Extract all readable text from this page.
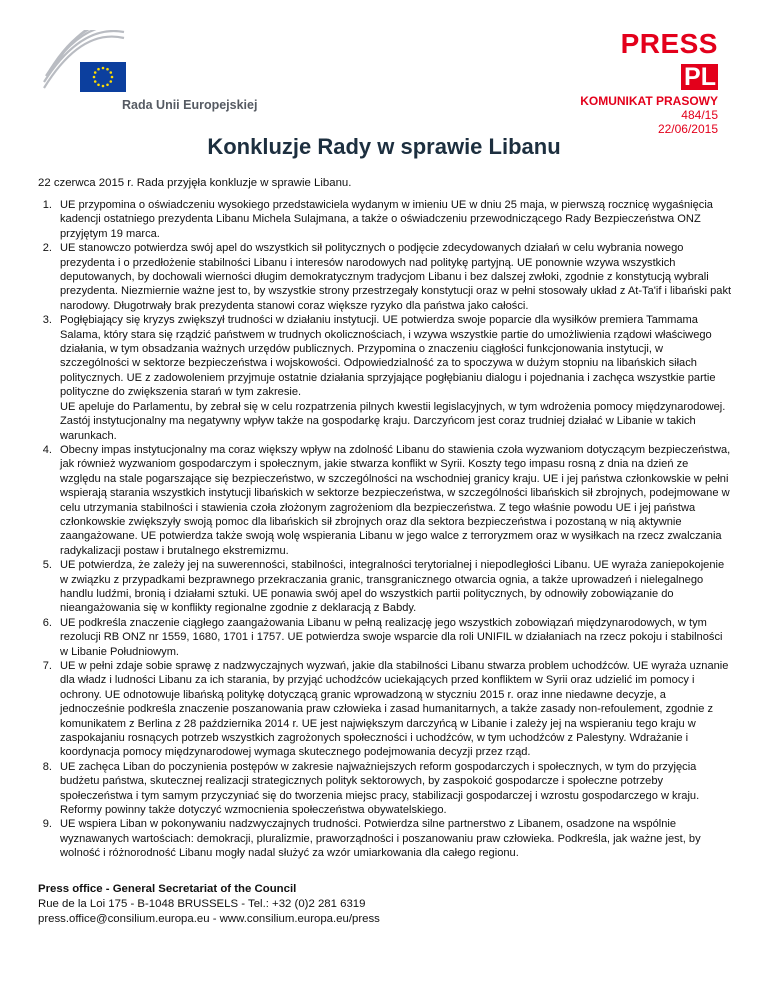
Rada Unii Europejskiej
PRESS
PL
KOMUNIKAT PRASOWY
484/15
22/06/2015
Konkluzje Rady w sprawie Libanu

22 czerwca 2015 r. Rada przyjęła konkluzje w sprawie Libanu.

1. UE przypomina o oświadczeniu wysokiego przedstawiciela wydanym w imieniu UE w dniu 25 maja, w pierwszą rocznicę wygaśnięcia kadencji ostatniego prezydenta Libanu Michela Sulajmana, a także o oświadczeniu przewodniczącego Rady Bezpieczeństwa ONZ przyjętym 19 marca.
2. UE stanowczo potwierdza swój apel do wszystkich sił politycznych o podjęcie zdecydowanych działań w celu wybrania nowego prezydenta i o przedłożenie stabilności Libanu i interesów narodowych nad politykę partyjną. UE ponownie wzywa wszystkich deputowanych, by dochowali wierności długim demokratycznym tradycjom Libanu i bez dalszej zwłoki, zgodnie z konstytucją wybrali prezydenta. Niezmiernie ważne jest to, by wszystkie strony przestrzegały konstytucji oraz w pełni stosowały układ z At-Ta'if i libański pakt narodowy. Długotrwały brak prezydenta stanowi coraz większe ryzyko dla państwa jako całości.
3. Pogłębiający się kryzys zwiększył trudności w działaniu instytucji. UE potwierdza swoje poparcie dla wysiłków premiera Tammama Salama, który stara się rządzić państwem w trudnych okolicznościach, i wzywa wszystkie partie do umożliwienia rządowi właściwego działania, w tym obsadzania ważnych urzędów publicznych. Przypomina o znaczeniu ciągłości funkcjonowania instytucji, w szczególności w sektorze bezpieczeństwa i wojskowości. Odpowiedzialność za to spoczywa w dużym stopniu na libańskich siłach politycznych. UE z zadowoleniem przyjmuje ostatnie działania sprzyjające pogłębianiu dialogu i pojednania i zachęca wszystkie partie polityczne do zwiększenia starań w tym zakresie.
UE apeluje do Parlamentu, by zebrał się w celu rozpatrzenia pilnych kwestii legislacyjnych, w tym wdrożenia pomocy międzynarodowej. Zastój instytucjonalny ma negatywny wpływ także na gospodarkę kraju. Darczyńcom jest coraz trudniej działać w Libanie w takich warunkach.
4. Obecny impas instytucjonalny ma coraz większy wpływ na zdolność Libanu do stawienia czoła wyzwaniom dotyczącym bezpieczeństwa, jak również wyzwaniom gospodarczym i społecznym, jakie stwarza konflikt w Syrii. Koszty tego impasu rosną z dnia na dzień ze względu na stale pogarszające się bezpieczeństwo, w szczególności na wschodniej granicy kraju. UE i jej państwa członkowskie w pełni wspierają starania wszystkich instytucji libańskich w sektorze bezpieczeństwa, w szczególności libańskich sił zbrojnych, podejmowane w celu utrzymania stabilności i stawienia czoła złożonym zagrożeniom dla bezpieczeństwa. Z tego właśnie powodu UE i jej państwa członkowskie zwiększyły swoją pomoc dla libańskich sił zbrojnych oraz dla sektora bezpieczeństwa i pozostaną w nią aktywnie zaangażowane. UE potwierdza także swoją wolę wspierania Libanu w jego walce z terroryzmem oraz w wysiłkach na rzecz zwalczania radykalizacji postaw i brutalnego ekstremizmu.
5. UE potwierdza, że zależy jej na suwerenności, stabilności, integralności terytorialnej i niepodległości Libanu. UE wyraża zaniepokojenie w związku z przypadkami bezprawnego przekraczania granic, transgranicznego otwarcia ognia, a także uprowadzeń i nielegalnego handlu ludźmi, bronią i działami sztuki. UE ponawia swój apel do wszystkich partii politycznych, by odnowiły zobowiązanie do nieangażowania się w konflikty regionalne zgodnie z deklaracją z Babdy.
6. UE podkreśla znaczenie ciągłego zaangażowania Libanu w pełną realizację jego wszystkich zobowiązań międzynarodowych, w tym rezolucji RB ONZ nr 1559, 1680, 1701 i 1757. UE potwierdza swoje wsparcie dla roli UNIFIL w działaniach na rzecz pokoju i stabilności w Libanie Południowym.
7. UE w pełni zdaje sobie sprawę z nadzwyczajnych wyzwań, jakie dla stabilności Libanu stwarza problem uchodźców. UE wyraża uznanie dla władz i ludności Libanu za ich starania, by przyjąć uchodźców uciekających przed konfliktem w Syrii oraz udzielić im pomocy i ochrony. UE odnotowuje libańską politykę dotyczącą granic wprowadzoną w styczniu 2015 r. oraz inne niedawne decyzje, a jednocześnie podkreśla znaczenie poszanowania praw człowieka i zasad humanitarnych, a także zasady non-refoulement, zgodnie z komunikatem z Berlina z 28 października 2014 r. UE jest największym darczyńcą w Libanie i zależy jej na wspieraniu tego kraju w zaspokajaniu rosnących potrzeb wszystkich zagrożonych społeczności i uchodźców, w tym uchodźców z Palestyny. Wdrażanie i koordynacja pomocy międzynarodowej wymaga skutecznego podejmowania decyzji przez rząd.
8. UE zachęca Liban do poczynienia postępów w zakresie najważniejszych reform gospodarczych i społecznych, w tym do przyjęcia budżetu państwa, skutecznej realizacji strategicznych polityk sektorowych, by zaspokoić gospodarcze i społeczne potrzeby społeczeństwa i tym samym przyczyniać się do tworzenia miejsc pracy, stabilizacji gospodarczej i wzrostu gospodarczego w kraju. Reformy powinny także dotyczyć wzmocnienia społeczeństwa obywatelskiego.
9. UE wspiera Liban w pokonywaniu nadzwyczajnych trudności. Potwierdza silne partnerstwo z Libanem, osadzone na wspólnie wyznawanych wartościach: demokracji, pluralizmie, praworządności i poszanowaniu praw człowieka. Podkreśla, jak ważne jest, by wolność i różnorodność Libanu mogły nadal służyć za wzór umiarkowania dla całego regionu.
Press office - General Secretariat of the Council
Rue de la Loi 175 - B-1048 BRUSSELS - Tel.: +32 (0)2 281 6319
press.office@consilium.europa.eu - www.consilium.europa.eu/press
